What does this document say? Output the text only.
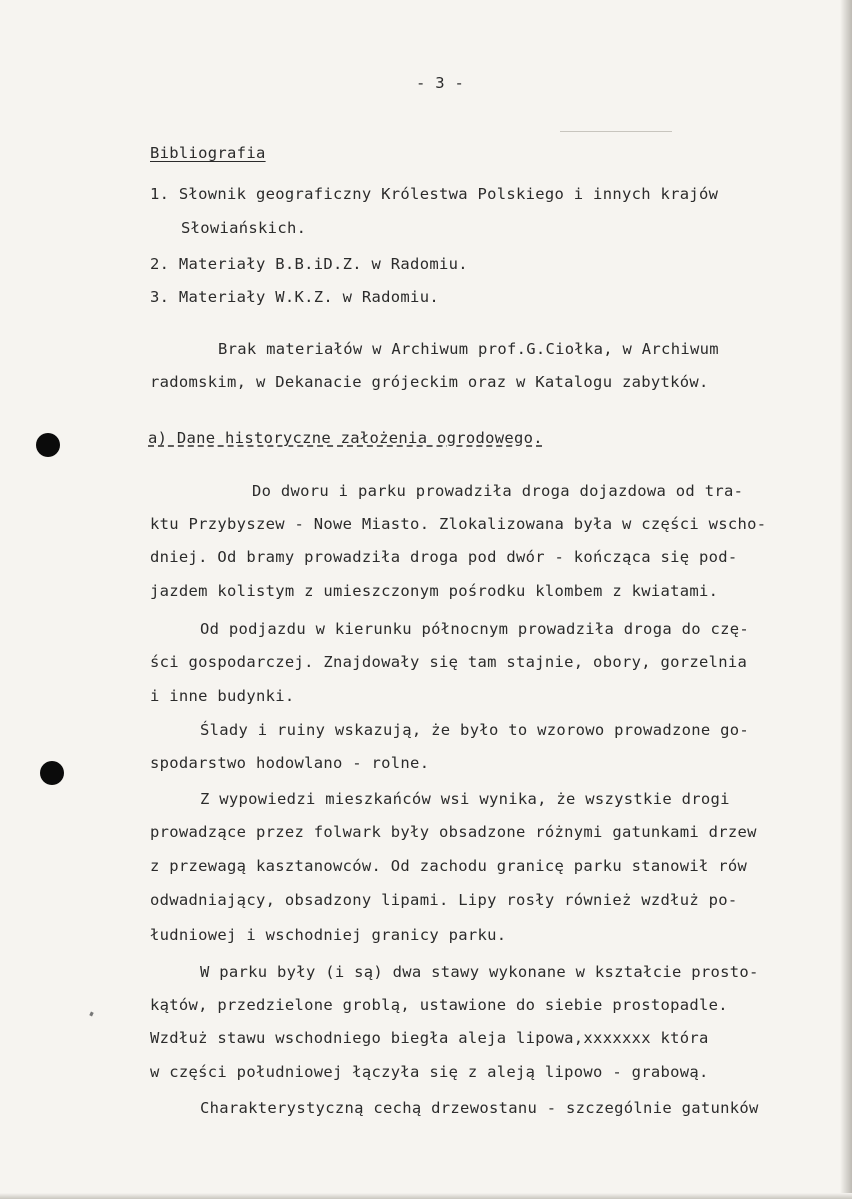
- 3 -
Bibliografia
1. Słownik geograficzny Królestwa Polskiego i innych krajów
Słowiańskich.
2. Materiały B.B.iD.Z. w Radomiu.
3. Materiały W.K.Z. w Radomiu.
Brak materiałów w Archiwum prof.G.Ciołka, w Archiwum
radomskim, w Dekanacie grójeckim oraz w Katalogu zabytków.
a) Dane historyczne założenia ogrodowego.
Do dworu i parku prowadziła droga dojazdowa od tra-
ktu Przybyszew - Nowe Miasto. Zlokalizowana była w części wscho-
dniej. Od bramy prowadziła droga pod dwór - kończąca się pod-
jazdem kolistym z umieszczonym pośrodku klombem z kwiatami.
Od podjazdu w kierunku północnym prowadziła droga do czę-
ści gospodarczej. Znajdowały się tam stajnie, obory, gorzelnia
i inne budynki.
Ślady i ruiny wskazują, że było to wzorowo prowadzone go-
spodarstwo hodowlano - rolne.
Z wypowiedzi mieszkańców wsi wynika, że wszystkie drogi
prowadzące przez folwark były obsadzone różnymi gatunkami drzew
z przewagą kasztanowców. Od zachodu granicę parku stanowił rów
odwadniający, obsadzony lipami. Lipy rosły również wzdłuż po-
łudniowej i wschodniej granicy parku.
W parku były (i są) dwa stawy wykonane w kształcie prosto-
kątów, przedzielone groblą, ustawione do siebie prostopadle.
Wzdłuż stawu wschodniego biegła aleja lipowa,xxxxxxx która
w części południowej łączyła się z aleją lipowo - grabową.
Charakterystyczną cechą drzewostanu - szczególnie gatunków
